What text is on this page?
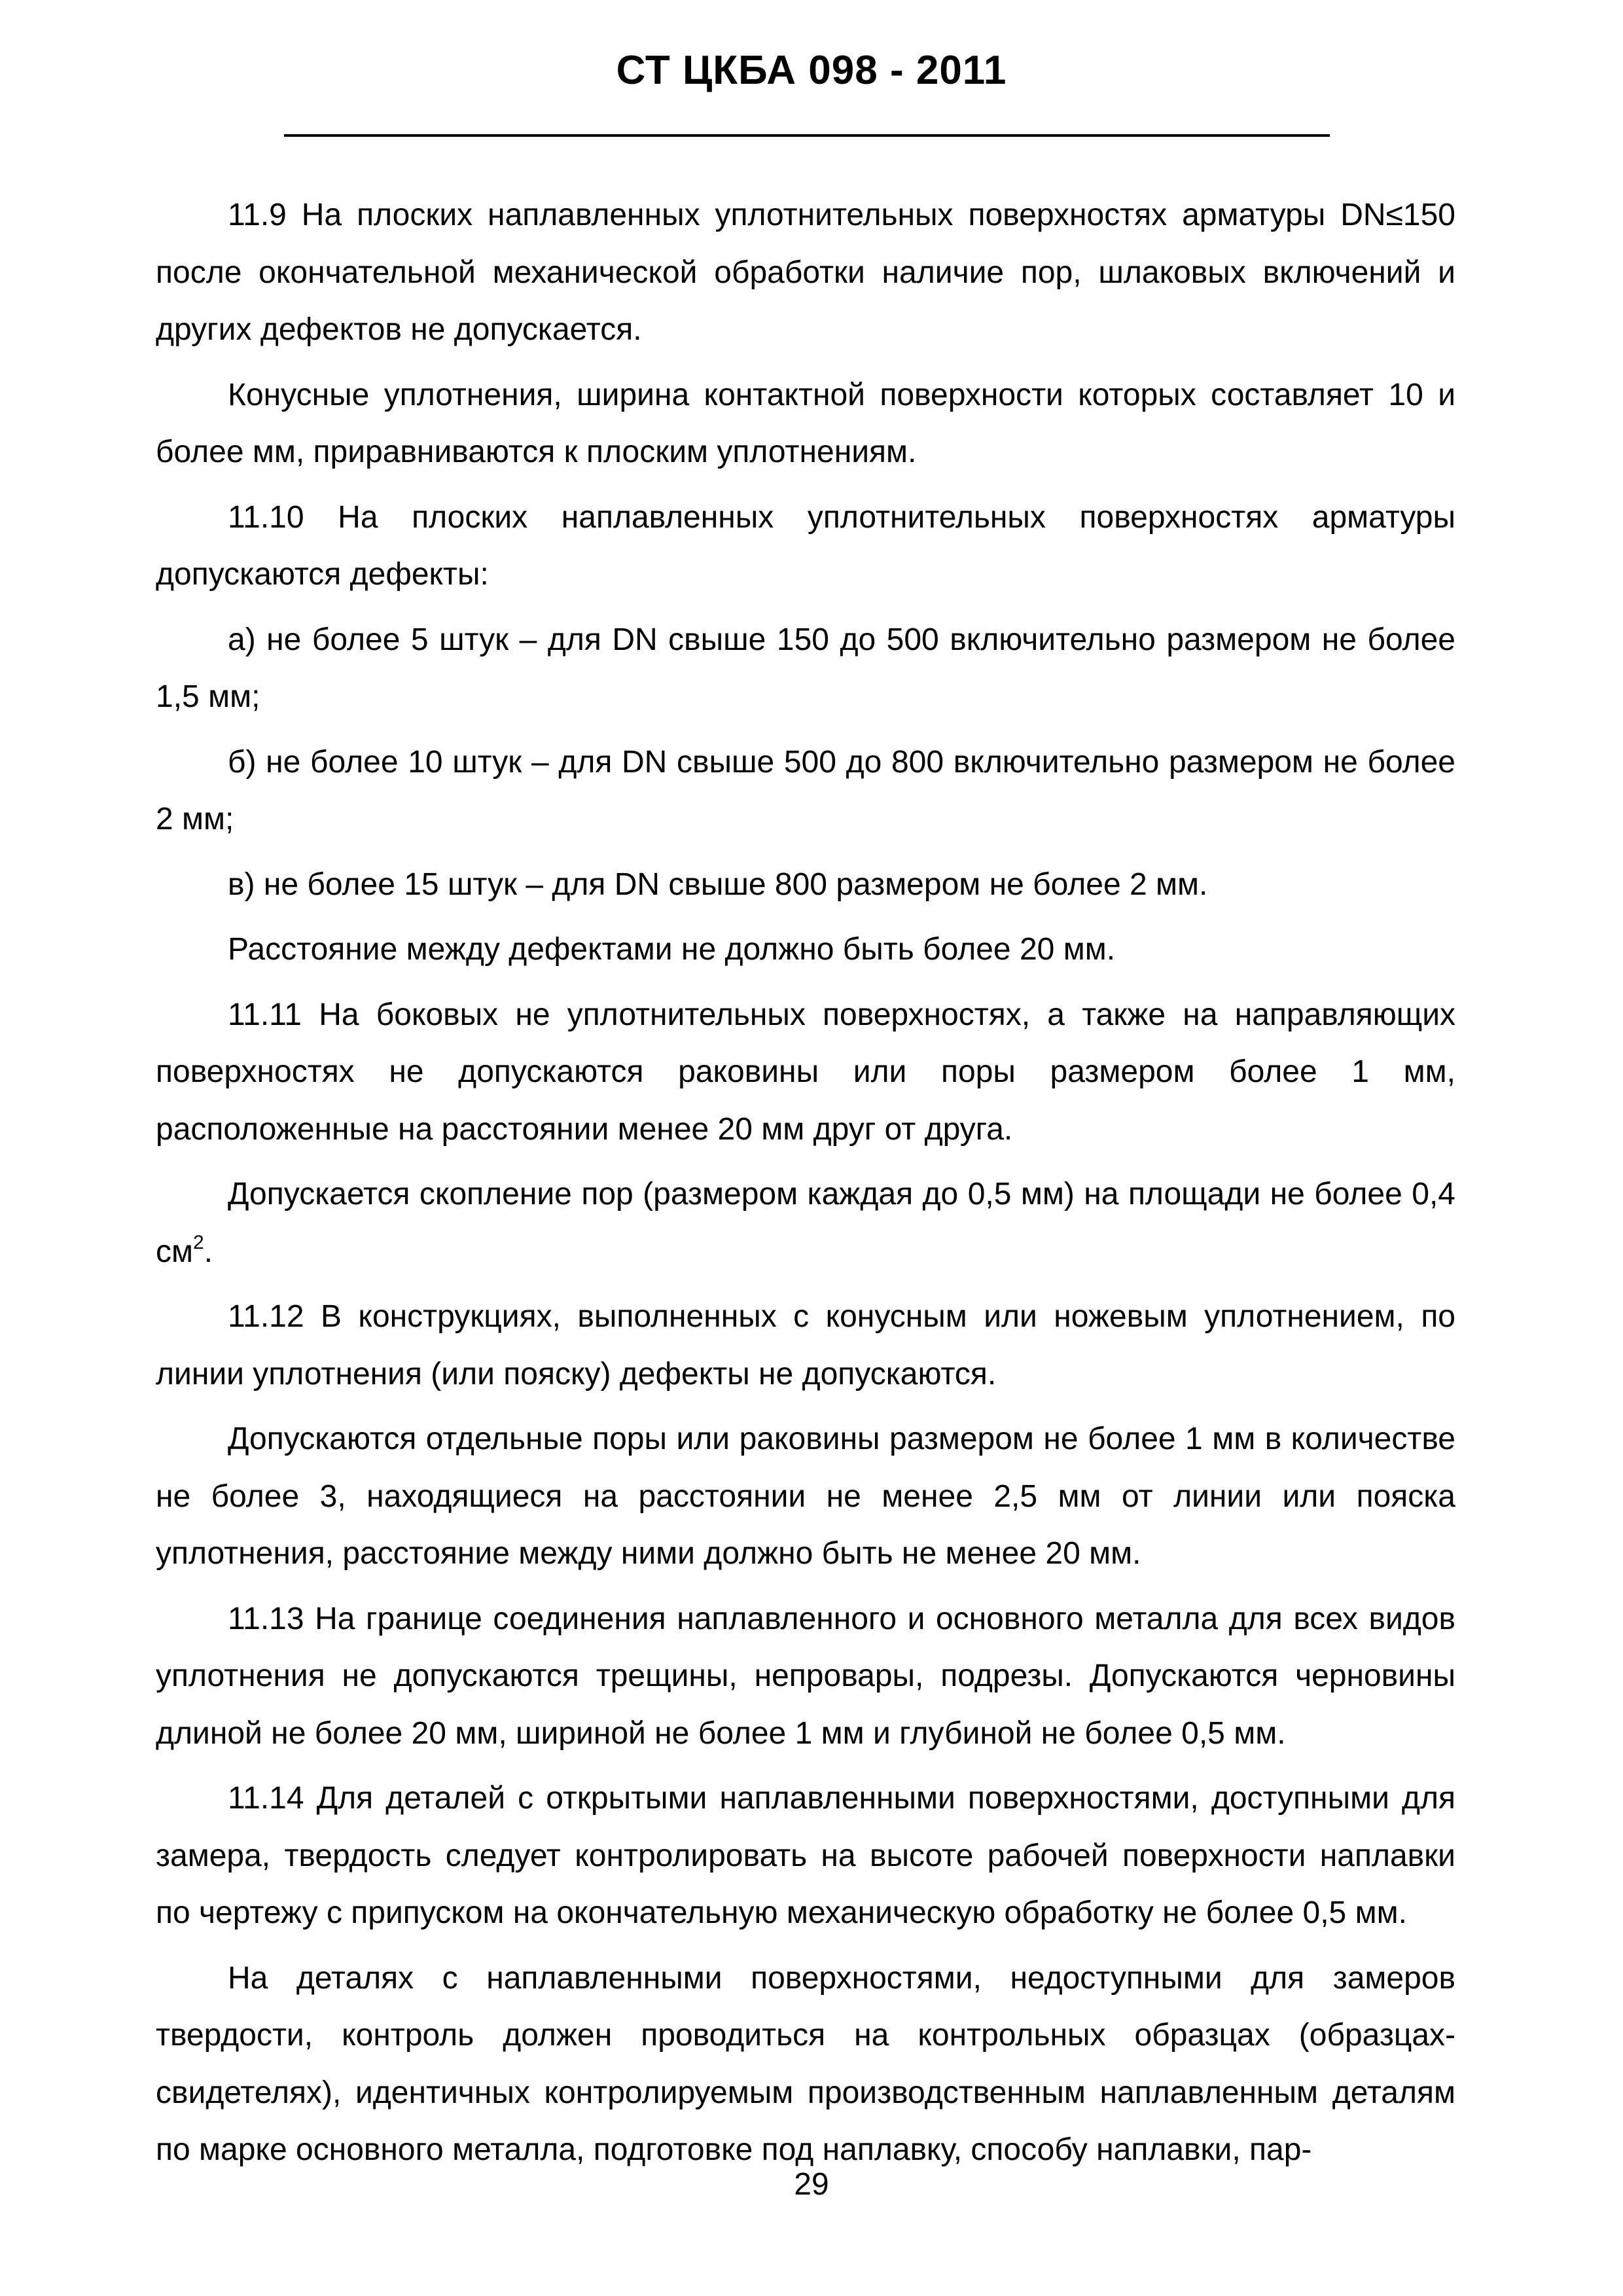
СТ ЦКБА 098 - 2011

11.9 На плоских наплавленных уплотнительных поверхностях арматуры DN≤150 после окончательной механической обработки наличие пор, шлаковых включений и других дефектов не допускается.

Конусные уплотнения, ширина контактной поверхности которых составляет 10 и более мм, приравниваются к плоским уплотнениям.

11.10 На плоских наплавленных уплотнительных поверхностях арматуры допускаются дефекты:

а) не более 5 штук – для DN свыше 150 до 500 включительно размером не более 1,5 мм;

б) не более 10 штук – для DN свыше 500 до 800 включительно размером не более 2 мм;

в) не более 15 штук – для DN свыше 800 размером не более 2 мм.

Расстояние между дефектами не должно быть более 20 мм.

11.11 На боковых не уплотнительных поверхностях, а также на направляющих поверхностях не допускаются раковины или поры размером более 1 мм, расположенные на расстоянии менее 20 мм друг от друга.

Допускается скопление пор (размером каждая до 0,5 мм) на площади не более 0,4 $см^2$.

11.12 В конструкциях, выполненных с конусным или ножевым уплотнением, по линии уплотнения (или пояску) дефекты не допускаются.

Допускаются отдельные поры или раковины размером не более 1 мм в количестве не более 3, находящиеся на расстоянии не менее 2,5 мм от линии или пояска уплотнения, расстояние между ними должно быть не менее 20 мм.

11.13 На границе соединения наплавленного и основного металла для всех видов уплотнения не допускаются трещины, непровары, подрезы. Допускаются черновины длиной не более 20 мм, шириной не более 1 мм и глубиной не более 0,5 мм.

11.14 Для деталей с открытыми наплавленными поверхностями, доступными для замера, твердость следует контролировать на высоте рабочей поверхности наплавки по чертежу с припуском на окончательную механическую обработку не более 0,5 мм.

На деталях с наплавленными поверхностями, недоступными для замеров твердости, контроль должен проводиться на контрольных образцах (образцах-свидетелях), идентичных контролируемым производственным наплавленным деталям по марке основного металла, подготовке под наплавку, способу наплавки, пар-

29
